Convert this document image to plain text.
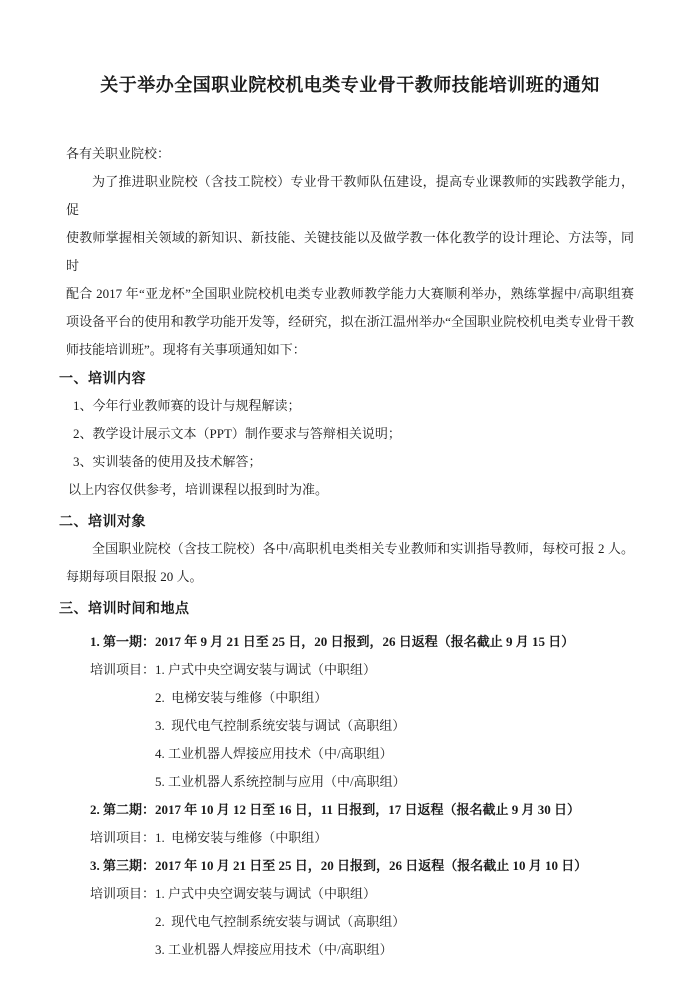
关于举办全国职业院校机电类专业骨干教师技能培训班的通知
各有关职业院校：
为了推进职业院校（含技工院校）专业骨干教师队伍建设，提高专业课教师的实践教学能力，促
使教师掌握相关领域的新知识、新技能、关键技能以及做学教一体化教学的设计理论、方法等，同时
配合 2017 年“亚龙杯”全国职业院校机电类专业教师教学能力大赛顺利举办，熟练掌握中/高职组赛
项设备平台的使用和教学功能开发等，经研究，拟在浙江温州举办“全国职业院校机电类专业骨干教
师技能培训班”。现将有关事项通知如下：
一、培训内容
1、今年行业教师赛的设计与规程解读；
2、教学设计展示文本（PPT）制作要求与答辩相关说明；
3、实训装备的使用及技术解答；
以上内容仅供参考，培训课程以报到时为准。
二、培训对象
全国职业院校（含技工院校）各中/高职机电类相关专业教师和实训指导教师，每校可报 2 人。
每期每项目限报 20 人。
三、培训时间和地点
1. 第一期：2017 年 9 月 21 日至 25 日，20 日报到，26 日返程（报名截止 9 月 15 日）
培训项目：1. 户式中央空调安装与调试（中职组）
2.  电梯安装与维修（中职组）
3.  现代电气控制系统安装与调试（高职组）
4. 工业机器人焊接应用技术（中/高职组）
5. 工业机器人系统控制与应用（中/高职组）
2. 第二期：2017 年 10 月 12 日至 16 日，11 日报到，17 日返程（报名截止 9 月 30 日）
培训项目：1.  电梯安装与维修（中职组）
3. 第三期：2017 年 10 月 21 日至 25 日，20 日报到，26 日返程（报名截止 10 月 10 日）
培训项目：1. 户式中央空调安装与调试（中职组）
2.  现代电气控制系统安装与调试（高职组）
3. 工业机器人焊接应用技术（中/高职组）
